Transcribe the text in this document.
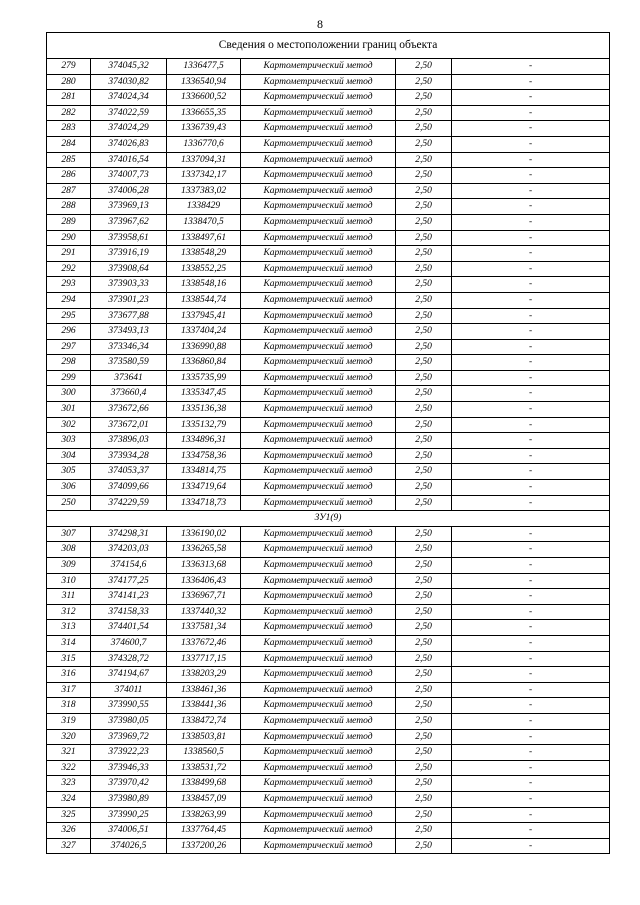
8
Сведения о местоположении границ объекта					
279	374045,32	1336477,5	Картометрический метод	2,50	-
280	374030,82	1336540,94	Картометрический метод	2,50	-
281	374024,34	1336600,52	Картометрический метод	2,50	-
282	374022,59	1336655,35	Картометрический метод	2,50	-
283	374024,29	1336739,43	Картометрический метод	2,50	-
284	374026,83	1336770,6	Картометрический метод	2,50	-
285	374016,54	1337094,31	Картометрический метод	2,50	-
286	374007,73	1337342,17	Картометрический метод	2,50	-
287	374006,28	1337383,02	Картометрический метод	2,50	-
288	373969,13	1338429	Картометрический метод	2,50	-
289	373967,62	1338470,5	Картометрический метод	2,50	-
290	373958,61	1338497,61	Картометрический метод	2,50	-
291	373916,19	1338548,29	Картометрический метод	2,50	-
292	373908,64	1338552,25	Картометрический метод	2,50	-
293	373903,33	1338548,16	Картометрический метод	2,50	-
294	373901,23	1338544,74	Картометрический метод	2,50	-
295	373677,88	1337945,41	Картометрический метод	2,50	-
296	373493,13	1337404,24	Картометрический метод	2,50	-
297	373346,34	1336990,88	Картометрический метод	2,50	-
298	373580,59	1336860,84	Картометрический метод	2,50	-
299	373641	1335735,99	Картометрический метод	2,50	-
300	373660,4	1335347,45	Картометрический метод	2,50	-
301	373672,66	1335136,38	Картометрический метод	2,50	-
302	373672,01	1335132,79	Картометрический метод	2,50	-
303	373896,03	1334896,31	Картометрический метод	2,50	-
304	373934,28	1334758,36	Картометрический метод	2,50	-
305	374053,37	1334814,75	Картометрический метод	2,50	-
306	374099,66	1334719,64	Картометрический метод	2,50	-
250	374229,59	1334718,73	Картометрический метод	2,50	-
ЗУ1(9)					
307	374298,31	1336190,02	Картометрический метод	2,50	-
308	374203,03	1336265,58	Картометрический метод	2,50	-
309	374154,6	1336313,68	Картометрический метод	2,50	-
310	374177,25	1336406,43	Картометрический метод	2,50	-
311	374141,23	1336967,71	Картометрический метод	2,50	-
312	374158,33	1337440,32	Картометрический метод	2,50	-
313	374401,54	1337581,34	Картометрический метод	2,50	-
314	374600,7	1337672,46	Картометрический метод	2,50	-
315	374328,72	1337717,15	Картометрический метод	2,50	-
316	374194,67	1338203,29	Картометрический метод	2,50	-
317	374011	1338461,36	Картометрический метод	2,50	-
318	373990,55	1338441,36	Картометрический метод	2,50	-
319	373980,05	1338472,74	Картометрический метод	2,50	-
320	373969,72	1338503,81	Картометрический метод	2,50	-
321	373922,23	1338560,5	Картометрический метод	2,50	-
322	373946,33	1338531,72	Картометрический метод	2,50	-
323	373970,42	1338499,68	Картометрический метод	2,50	-
324	373980,89	1338457,09	Картометрический метод	2,50	-
325	373990,25	1338263,99	Картометрический метод	2,50	-
326	374006,51	1337764,45	Картометрический метод	2,50	-
327	374026,5	1337200,26	Картометрический метод	2,50	-
